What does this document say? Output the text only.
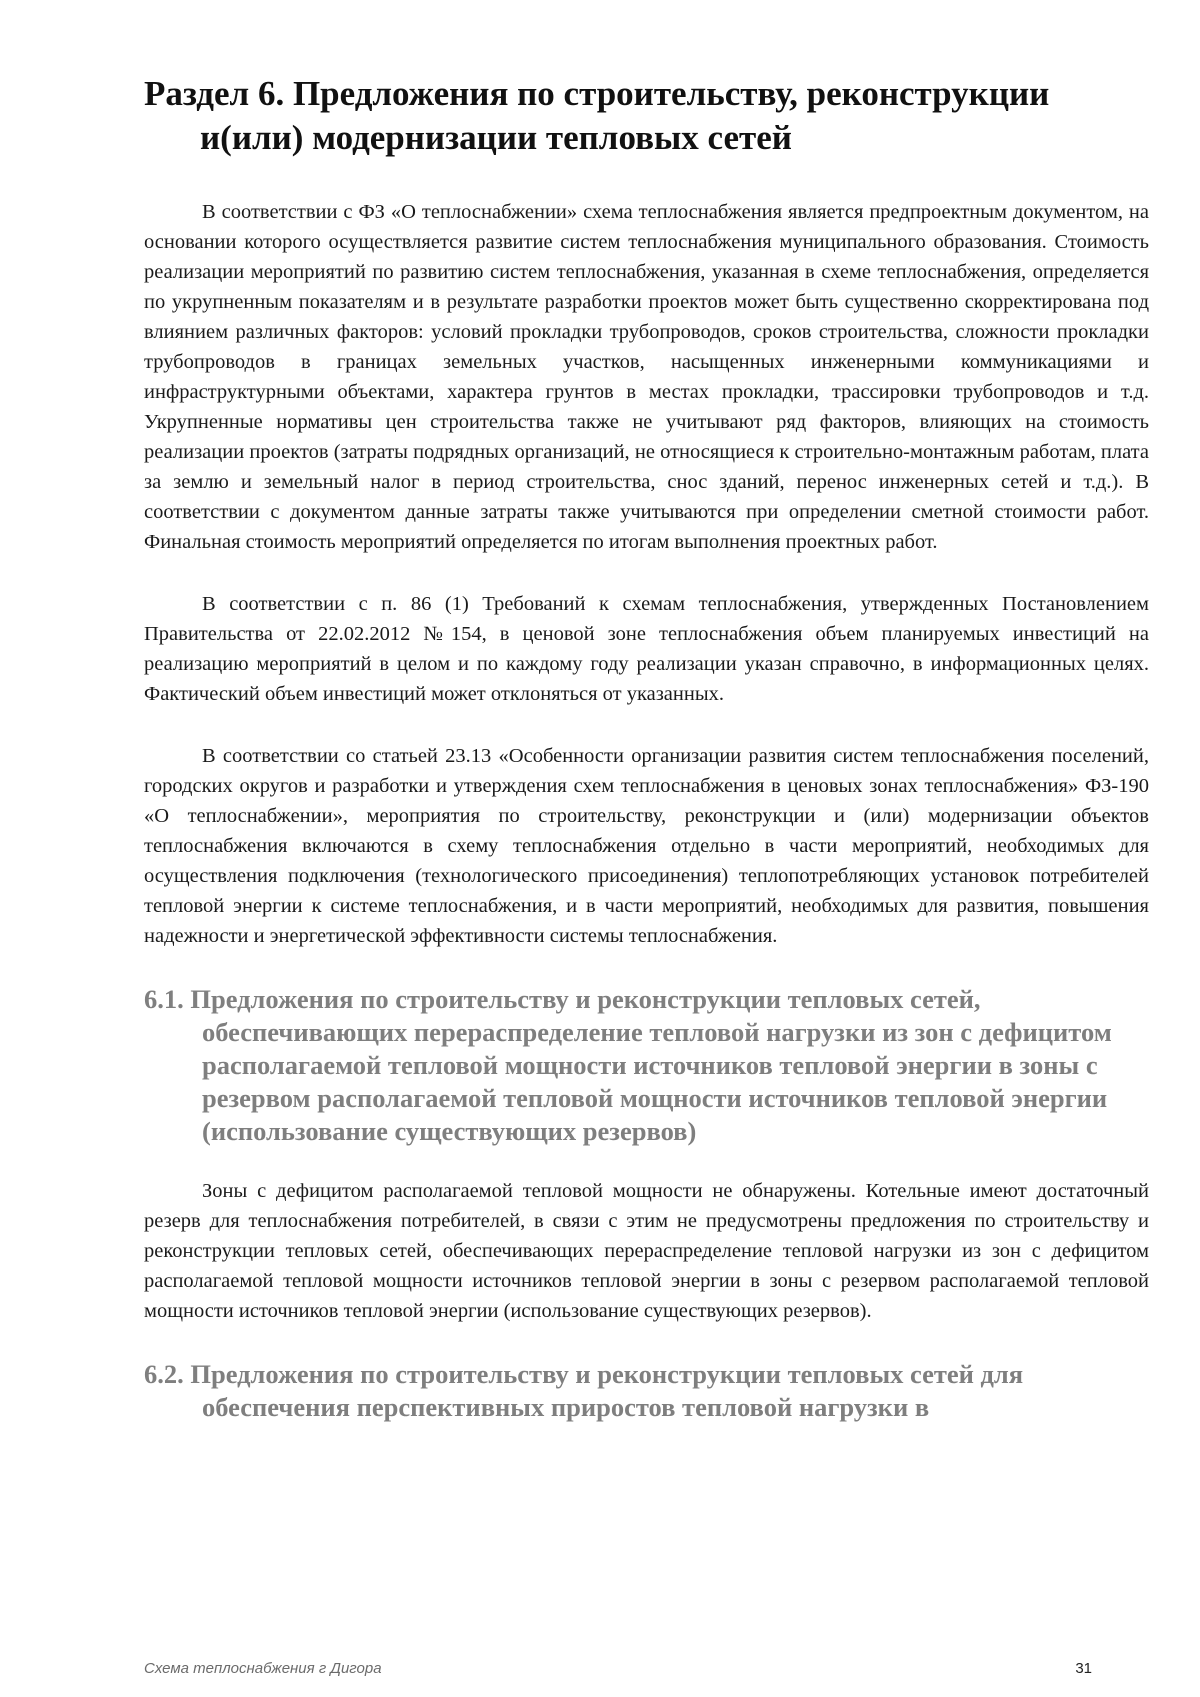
Раздел 6. Предложения по строительству, реконструкции и(или) модернизации тепловых сетей

В соответствии с ФЗ «О теплоснабжении» схема теплоснабжения является предпроектным документом, на основании которого осуществляется развитие систем теплоснабжения муниципального образования. Стоимость реализации мероприятий по развитию систем теплоснабжения, указанная в схеме теплоснабжения, определяется по укрупненным показателям и в результате разработки проектов может быть существенно скорректирована под влиянием различных факторов: условий прокладки трубопроводов, сроков строительства, сложности прокладки трубопроводов в границах земельных участков, насыщенных инженерными коммуникациями и инфраструктурными объектами, характера грунтов в местах прокладки, трассировки трубопроводов и т.д. Укрупненные нормативы цен строительства также не учитывают ряд факторов, влияющих на стоимость реализации проектов (затраты подрядных организаций, не относящиеся к строительно-монтажным работам, плата за землю и земельный налог в период строительства, снос зданий, перенос инженерных сетей и т.д.). В соответствии с документом данные затраты также учитываются при определении сметной стоимости работ. Финальная стоимость мероприятий определяется по итогам выполнения проектных работ.

В соответствии с п. 86 (1) Требований к схемам теплоснабжения, утвержденных Постановлением Правительства от 22.02.2012 №154, в ценовой зоне теплоснабжения объем планируемых инвестиций на реализацию мероприятий в целом и по каждому году реализации указан справочно, в информационных целях. Фактический объем инвестиций может отклоняться от указанных.

В соответствии со статьей 23.13 «Особенности организации развития систем теплоснабжения поселений, городских округов и разработки и утверждения схем теплоснабжения в ценовых зонах теплоснабжения» ФЗ-190 «О теплоснабжении», мероприятия по строительству, реконструкции и (или) модернизации объектов теплоснабжения включаются в схему теплоснабжения отдельно в части мероприятий, необходимых для осуществления подключения (технологического присоединения) теплопотребляющих установок потребителей тепловой энергии к системе теплоснабжения, и в части мероприятий, необходимых для развития, повышения надежности и энергетической эффективности системы теплоснабжения.

6.1. Предложения по строительству и реконструкции тепловых сетей, обеспечивающих перераспределение тепловой нагрузки из зон с дефицитом располагаемой тепловой мощности источников тепловой энергии в зоны с резервом располагаемой тепловой мощности источников тепловой энергии (использование существующих резервов)

Зоны с дефицитом располагаемой тепловой мощности не обнаружены. Котельные имеют достаточный резерв для теплоснабжения потребителей, в связи с этим не предусмотрены предложения по строительству и реконструкции тепловых сетей, обеспечивающих перераспределение тепловой нагрузки из зон с дефицитом располагаемой тепловой мощности источников тепловой энергии в зоны с резервом располагаемой тепловой мощности источников тепловой энергии (использование существующих резервов).

6.2. Предложения по строительству и реконструкции тепловых сетей для обеспечения перспективных приростов тепловой нагрузки в
Схема теплоснабжения г Дигора	31
